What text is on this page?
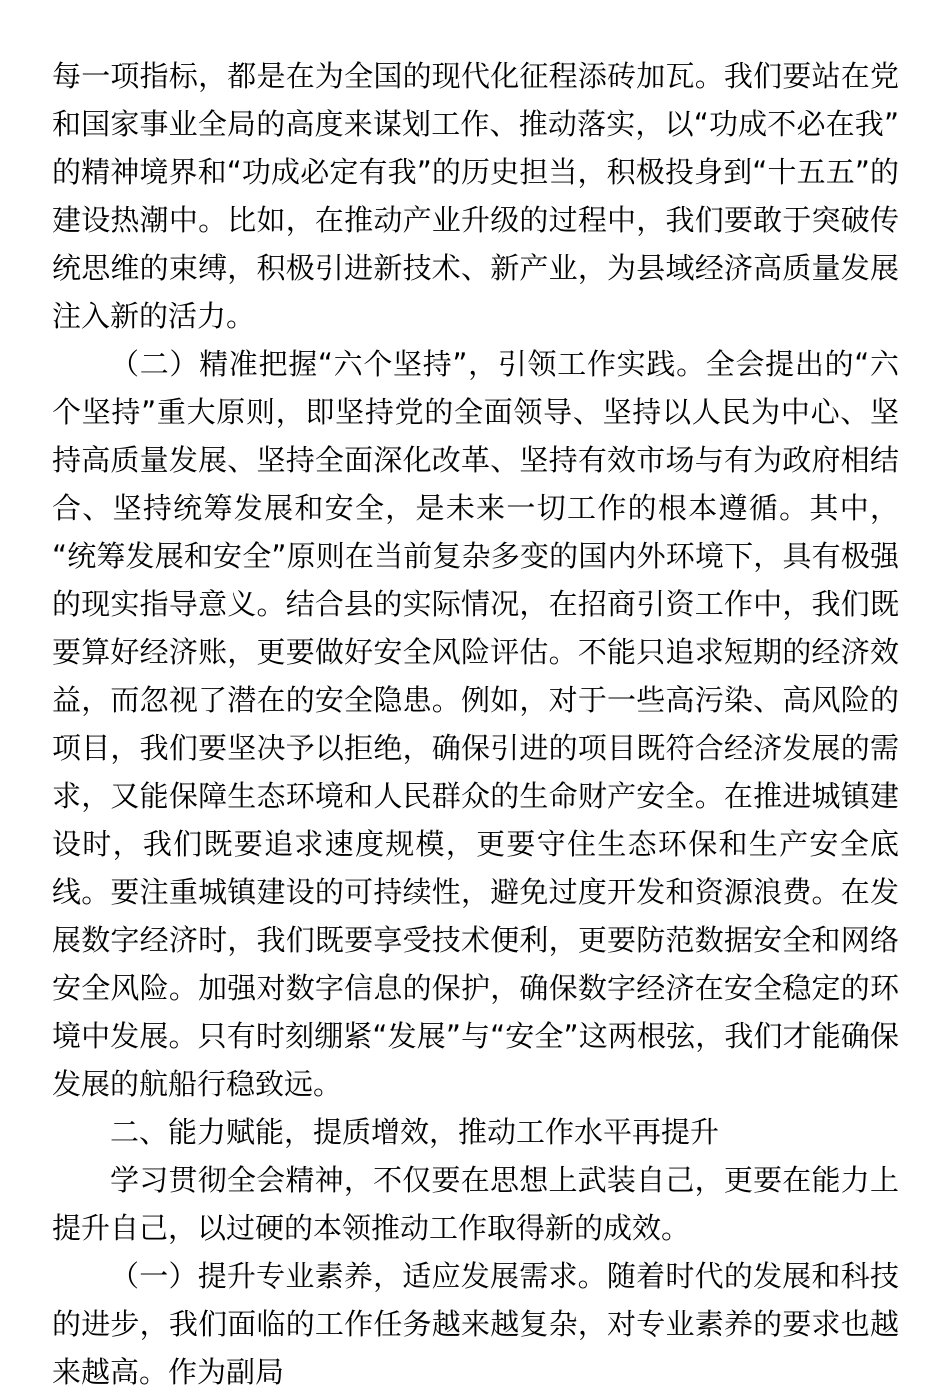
每一项指标，都是在为全国的现代化征程添砖加瓦。我们要站在党和国家事业全局的高度来谋划工作、推动落实，以“功成不必在我”的精神境界和“功成必定有我”的历史担当，积极投身到“十五五”的建设热潮中。比如，在推动产业升级的过程中，我们要敢于突破传统思维的束缚，积极引进新技术、新产业，为县域经济高质量发展注入新的活力。

（二）精准把握“六个坚持”，引领工作实践。全会提出的“六个坚持”重大原则，即坚持党的全面领导、坚持以人民为中心、坚持高质量发展、坚持全面深化改革、坚持有效市场与有为政府相结合、坚持统筹发展和安全，是未来一切工作的根本遵循。其中，“统筹发展和安全”原则在当前复杂多变的国内外环境下，具有极强的现实指导意义。结合县的实际情况，在招商引资工作中，我们既要算好经济账，更要做好安全风险评估。不能只追求短期的经济效益，而忽视了潜在的安全隐患。例如，对于一些高污染、高风险的项目，我们要坚决予以拒绝，确保引进的项目既符合经济发展的需求，又能保障生态环境和人民群众的生命财产安全。在推进城镇建设时，我们既要追求速度规模，更要守住生态环保和生产安全底线。要注重城镇建设的可持续性，避免过度开发和资源浪费。在发展数字经济时，我们既要享受技术便利，更要防范数据安全和网络安全风险。加强对数字信息的保护，确保数字经济在安全稳定的环境中发展。只有时刻绷紧“发展”与“安全”这两根弦，我们才能确保发展的航船行稳致远。

二、能力赋能，提质增效，推动工作水平再提升

学习贯彻全会精神，不仅要在思想上武装自己，更要在能力上提升自己，以过硬的本领推动工作取得新的成效。

（一）提升专业素养，适应发展需求。随着时代的发展和科技的进步，我们面临的工作任务越来越复杂，对专业素养的要求也越来越高。作为副局
